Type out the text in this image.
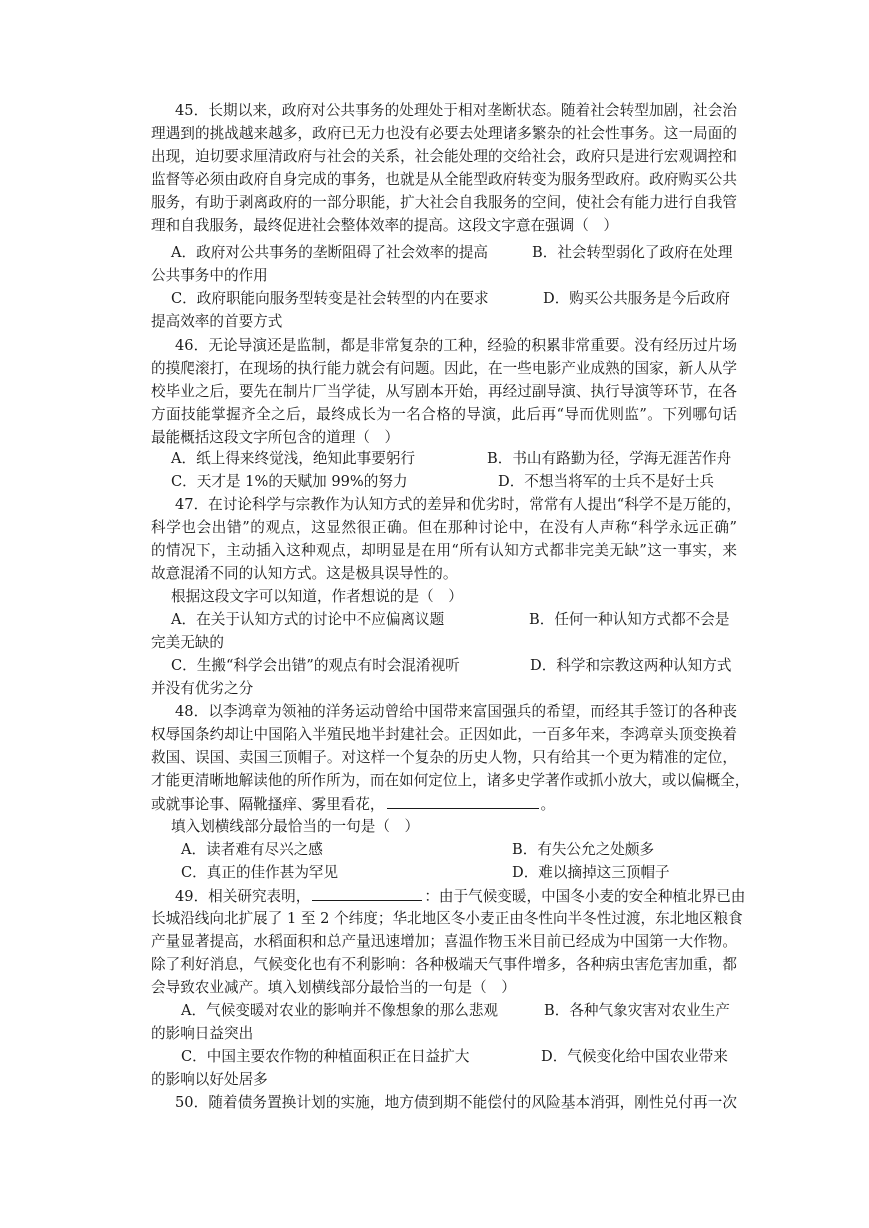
45．长期以来，政府对公共事务的处理处于相对垄断状态。随着社会转型加剧，社会治
理遇到的挑战越来越多，政府已无力也没有必要去处理诸多繁杂的社会性事务。这一局面的
出现，迫切要求厘清政府与社会的关系，社会能处理的交给社会，政府只是进行宏观调控和
监督等必须由政府自身完成的事务，也就是从全能型政府转变为服务型政府。政府购买公共
服务，有助于剥离政府的一部分职能，扩大社会自我服务的空间，使社会有能力进行自我管
理和自我服务，最终促进社会整体效率的提高。这段文字意在强调（　）
A．政府对公共事务的垄断阻碍了社会效率的提高	B．社会转型弱化了政府在处理
公共事务中的作用
C．政府职能向服务型转变是社会转型的内在要求	D．购买公共服务是今后政府
提高效率的首要方式
46．无论导演还是监制，都是非常复杂的工种，经验的积累非常重要。没有经历过片场
的摸爬滚打，在现场的执行能力就会有问题。因此，在一些电影产业成熟的国家，新人从学
校毕业之后，要先在制片厂当学徒，从写剧本开始，再经过副导演、执行导演等环节，在各
方面技能掌握齐全之后，最终成长为一名合格的导演，此后再“导而优则监”。下列哪句话
最能概括这段文字所包含的道理（　）
A．纸上得来终觉浅，绝知此事要躬行	B．书山有路勤为径，学海无涯苦作舟
C．天才是 1%的天赋加 99%的努力	D．不想当将军的士兵不是好士兵
47．在讨论科学与宗教作为认知方式的差异和优劣时，常常有人提出“科学不是万能的，
科学也会出错”的观点，这显然很正确。但在那种讨论中，在没有人声称“科学永远正确”
的情况下，主动插入这种观点，却明显是在用“所有认知方式都非完美无缺”这一事实，来
故意混淆不同的认知方式。这是极具误导性的。
根据这段文字可以知道，作者想说的是（　）
A．在关于认知方式的讨论中不应偏离议题	B．任何一种认知方式都不会是
完美无缺的
C．生搬“科学会出错”的观点有时会混淆视听	D．科学和宗教这两种认知方式
并没有优劣之分
48．以李鸿章为领袖的洋务运动曾给中国带来富国强兵的希望，而经其手签订的各种丧
权辱国条约却让中国陷入半殖民地半封建社会。正因如此，一百多年来，李鸿章头顶变换着
救国、误国、卖国三顶帽子。对这样一个复杂的历史人物，只有给其一个更为精准的定位，
才能更清晰地解读他的所作所为，而在如何定位上，诸多史学著作或抓小放大，或以偏概全，
或就事论事、隔靴搔痒、雾里看花，	。
填入划横线部分最恰当的一句是（　）
A．读者难有尽兴之感	B．有失公允之处颇多
C．真正的佳作甚为罕见	D．难以摘掉这三顶帽子
49．相关研究表明，	：由于气候变暖，中国冬小麦的安全种植北界已由
长城沿线向北扩展了 1 至 2 个纬度；华北地区冬小麦正由冬性向半冬性过渡，东北地区粮食
产量显著提高，水稻面积和总产量迅速增加；喜温作物玉米目前已经成为中国第一大作物。
除了利好消息，气候变化也有不利影响：各种极端天气事件增多，各种病虫害危害加重，都
会导致农业减产。填入划横线部分最恰当的一句是（　）
A．气候变暖对农业的影响并不像想象的那么悲观	B．各种气象灾害对农业生产
的影响日益突出
C．中国主要农作物的种植面积正在日益扩大	D．气候变化给中国农业带来
的影响以好处居多
50．随着债务置换计划的实施，地方债到期不能偿付的风险基本消弭，刚性兑付再一次
